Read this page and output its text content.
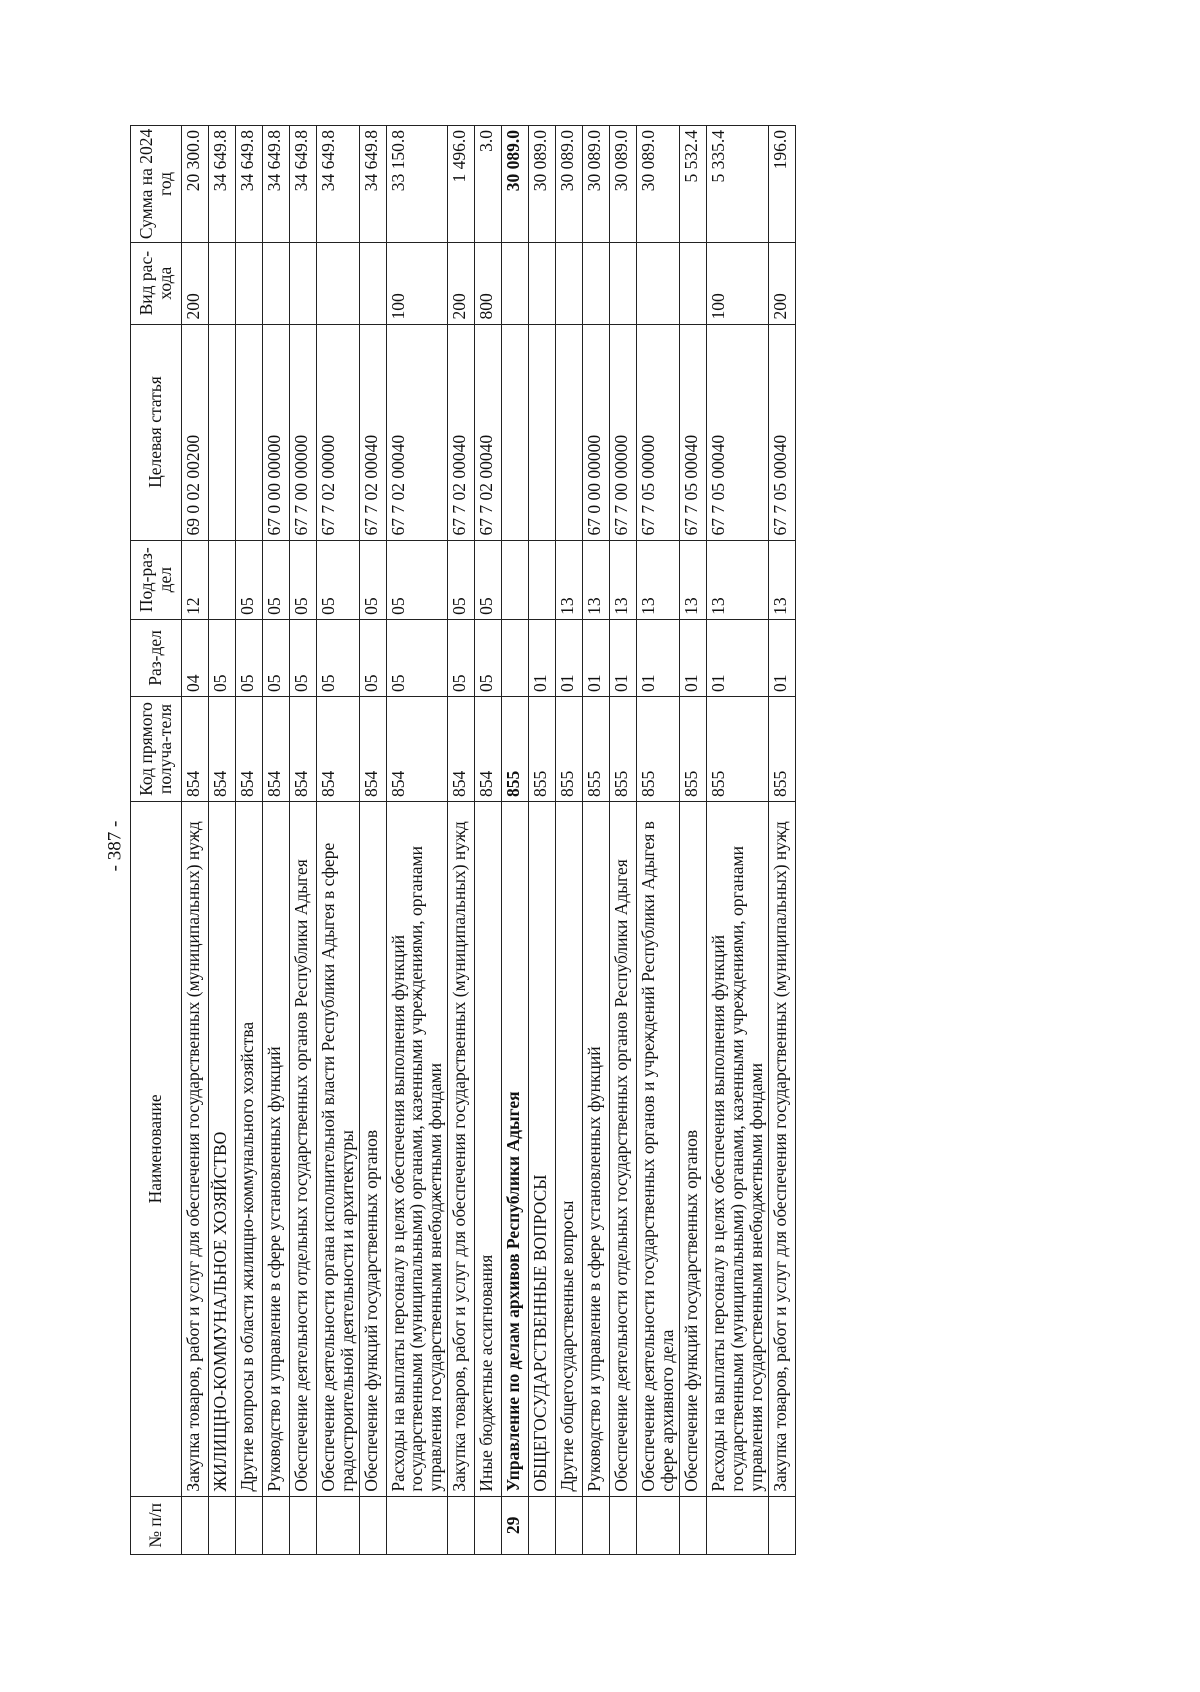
- 387 -
№ п/п	Наименование	Код прямого получа-теля	Раз-дел	Под-раз-дел	Целевая статья	Вид рас-хода	Сумма на 2024 год
	Закупка товаров, работ и услуг для обеспечения государственных (муниципальных) нужд	854	04	12	69 0 02 00200	200	20 300.0
	ЖИЛИЩНО-КОММУНАЛЬНОЕ ХОЗЯЙСТВО	854	05				34 649.8
	Другие вопросы в области жилищно-коммунального хозяйства	854	05	05			34 649.8
	Руководство и управление в сфере установленных функций	854	05	05	67 0 00 00000		34 649.8
	Обеспечение деятельности отдельных государственных органов Республики Адыгея	854	05	05	67 7 00 00000		34 649.8
	Обеспечение деятельности органа исполнительной власти Республики Адыгея в сфере градостроительной деятельности и архитектуры	854	05	05	67 7 02 00000		34 649.8
	Обеспечение функций государственных органов	854	05	05	67 7 02 00040		34 649.8
	Расходы на выплаты персоналу в целях обеспечения выполнения функций государственными (муниципальными) органами, казенными учреждениями, органами управления государственными внебюджетными фондами	854	05	05	67 7 02 00040	100	33 150.8
	Закупка товаров, работ и услуг для обеспечения государственных (муниципальных) нужд	854	05	05	67 7 02 00040	200	1 496.0
	Иные бюджетные ассигнования	854	05	05	67 7 02 00040	800	3.0
29	Управление по делам архивов Республики Адыгея	855					30 089.0
	ОБЩЕГОСУДАРСТВЕННЫЕ ВОПРОСЫ	855	01				30 089.0
	Другие общегосударственные вопросы	855	01	13			30 089.0
	Руководство и управление в сфере установленных функций	855	01	13	67 0 00 00000		30 089.0
	Обеспечение деятельности отдельных государственных органов Республики Адыгея	855	01	13	67 7 00 00000		30 089.0
	Обеспечение деятельности государственных органов и учреждений Республики Адыгея в сфере архивного дела	855	01	13	67 7 05 00000		30 089.0
	Обеспечение функций государственных органов	855	01	13	67 7 05 00040		5 532.4
	Расходы на выплаты персоналу в целях обеспечения выполнения функций государственными (муниципальными) органами, казенными учреждениями, органами управления государственными внебюджетными фондами	855	01	13	67 7 05 00040	100	5 335.4
	Закупка товаров, работ и услуг для обеспечения государственных (муниципальных) нужд	855	01	13	67 7 05 00040	200	196.0
